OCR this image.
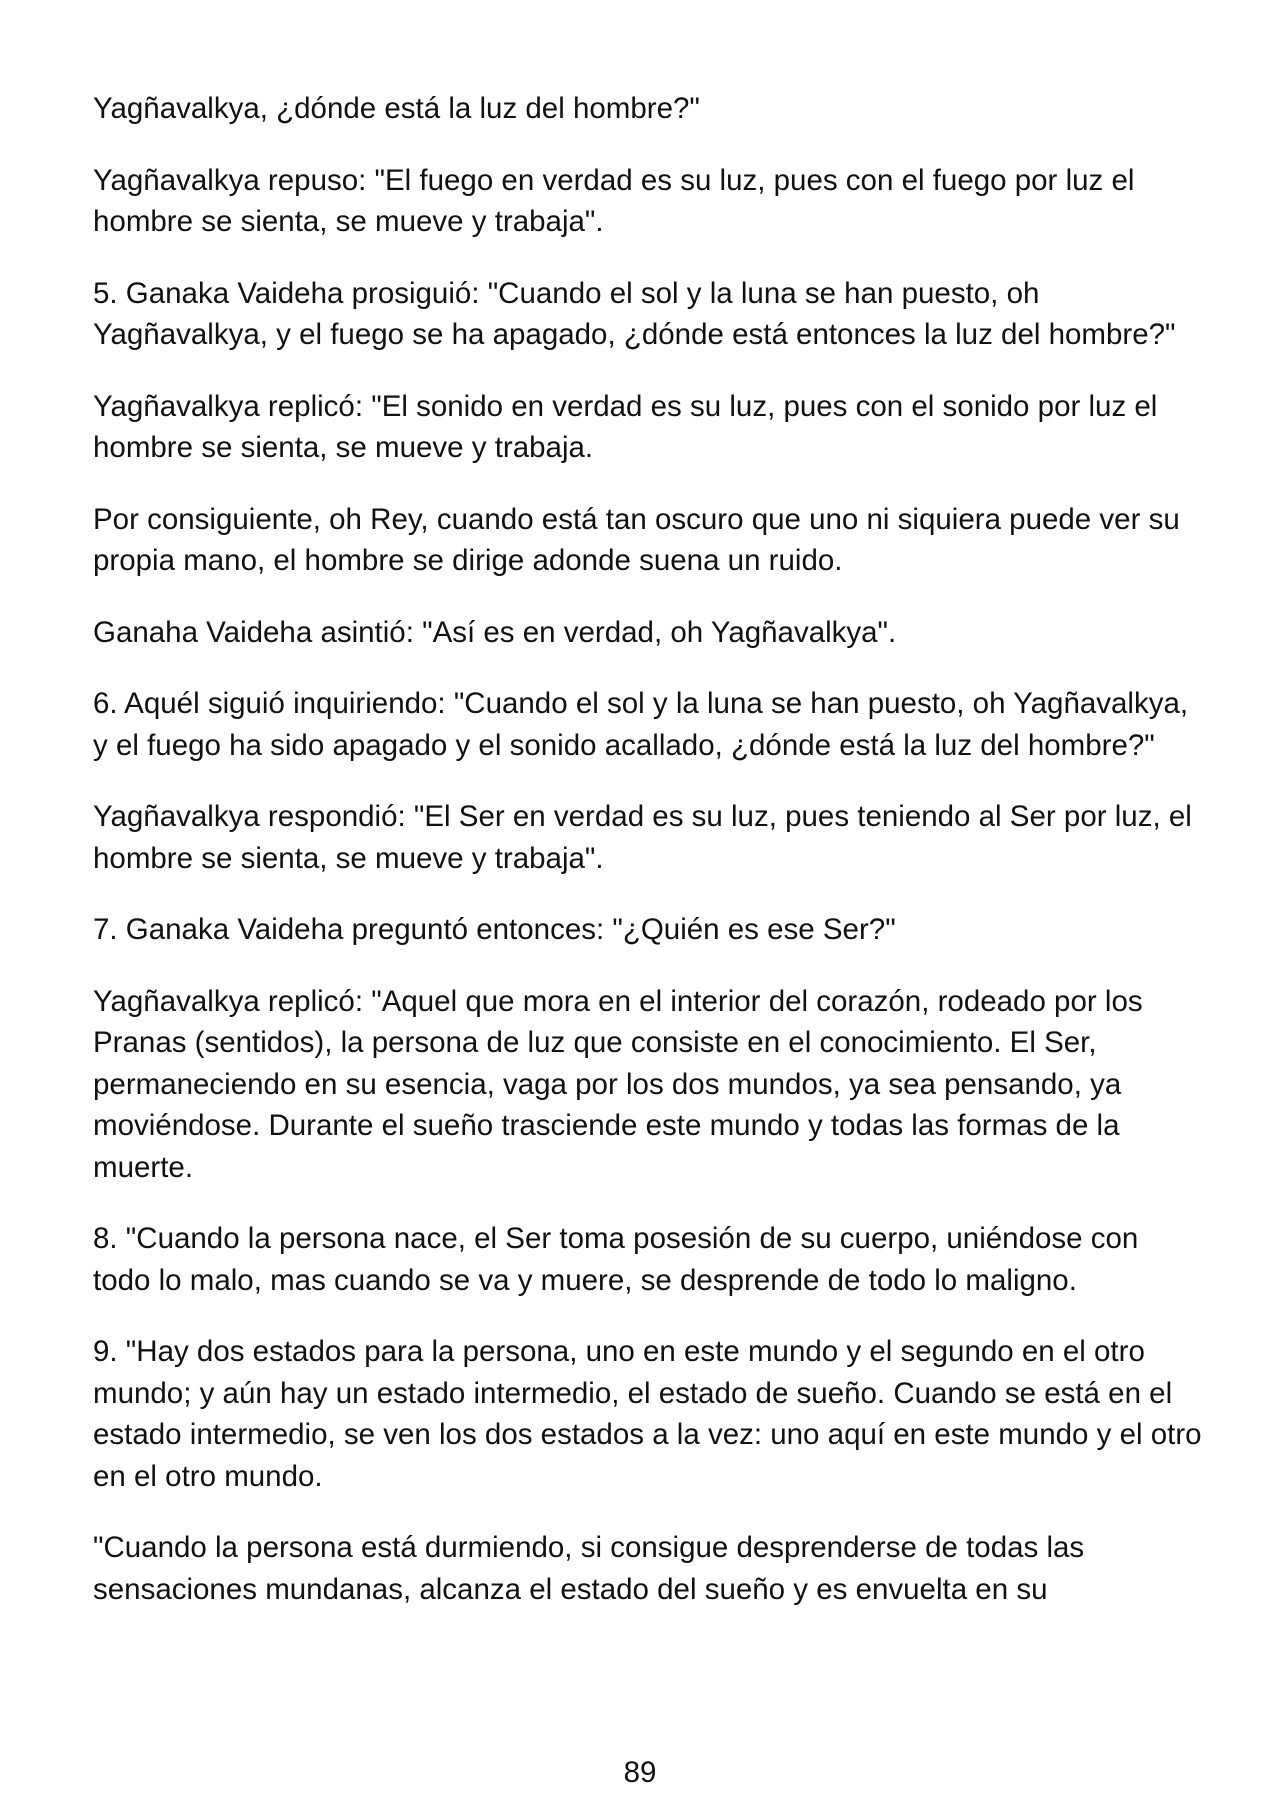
Yagñavalkya, ¿dónde está la luz del hombre?"

Yagñavalkya repuso: "El fuego en verdad es su luz, pues con el fuego por luz el hombre se sienta, se mueve y trabaja".

5. Ganaka Vaideha prosiguió: "Cuando el sol y la luna se han puesto, oh Yagñavalkya, y el fuego se ha apagado, ¿dónde está entonces la luz del hombre?"

Yagñavalkya replicó: "El sonido en verdad es su luz, pues con el sonido por luz el hombre se sienta, se mueve y trabaja.

Por consiguiente, oh Rey, cuando está tan oscuro que uno ni siquiera puede ver su propia mano, el hombre se dirige adonde suena un ruido.

Ganaha Vaideha asintió: "Así es en verdad, oh Yagñavalkya".

6. Aquél siguió inquiriendo: "Cuando el sol y la luna se han puesto, oh Yagñavalkya, y el fuego ha sido apagado y el sonido acallado, ¿dónde está la luz del hombre?"

Yagñavalkya respondió: "El Ser en verdad es su luz, pues teniendo al Ser por luz, el hombre se sienta, se mueve y trabaja".

7. Ganaka Vaideha preguntó entonces: "¿Quién es ese Ser?"

Yagñavalkya replicó: "Aquel que mora en el interior del corazón, rodeado por los Pranas (sentidos), la persona de luz que consiste en el conocimiento. El Ser, permaneciendo en su esencia, vaga por los dos mundos, ya sea pensando, ya moviéndose. Durante el sueño trasciende este mundo y todas las formas de la muerte.

8. "Cuando la persona nace, el Ser toma posesión de su cuerpo, uniéndose con todo lo malo, mas cuando se va y muere, se desprende de todo lo maligno.

9. "Hay dos estados para la persona, uno en este mundo y el segundo en el otro mundo; y aún hay un estado intermedio, el estado de sueño. Cuando se está en el estado intermedio, se ven los dos estados a la vez: uno aquí en este mundo y el otro en el otro mundo.

"Cuando la persona está durmiendo, si consigue desprenderse de todas las sensaciones mundanas, alcanza el estado del sueño y es envuelta en su

89
